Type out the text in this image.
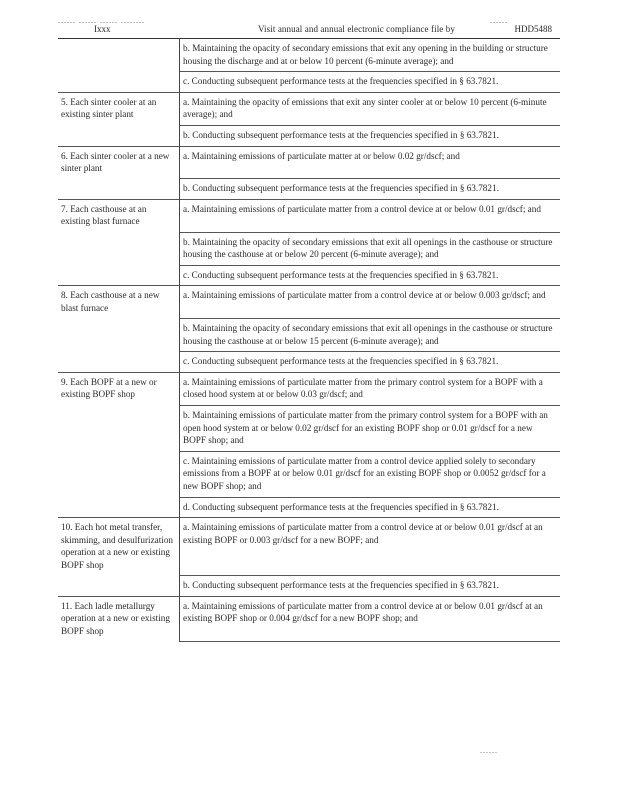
...... ...... ...... ........	......
Ixxx	Visit annual and annual electronic compliance file by	HDD5488
	b. Maintaining the opacity of secondary emissions that exit any opening in the building or structure housing the discharge and at or below 10 percent (6-minute average); and
	c. Conducting subsequent performance tests at the frequencies specified in § 63.7821.
5. Each sinter cooler at an existing sinter plant	a. Maintaining the opacity of emissions that exit any sinter cooler at or below 10 percent (6-minute average); and
	b. Conducting subsequent performance tests at the frequencies specified in § 63.7821.
6. Each sinter cooler at a new sinter plant	a. Maintaining emissions of particulate matter at or below 0.02 gr/dscf; and
	b. Conducting subsequent performance tests at the frequencies specified in § 63.7821.
7. Each casthouse at an existing blast furnace	a. Maintaining emissions of particulate matter from a control device at or below 0.01 gr/dscf; and
	b. Maintaining the opacity of secondary emissions that exit all openings in the casthouse or structure housing the casthouse at or below 20 percent (6-minute average); and
	c. Conducting subsequent performance tests at the frequencies specified in § 63.7821.
8. Each casthouse at a new blast furnace	a. Maintaining emissions of particulate matter from a control device at or below 0.003 gr/dscf; and
	b. Maintaining the opacity of secondary emissions that exit all openings in the casthouse or structure housing the casthouse at or below 15 percent (6-minute average); and
	c. Conducting subsequent performance tests at the frequencies specified in § 63.7821.
9. Each BOPF at a new or existing BOPF shop	a. Maintaining emissions of particulate matter from the primary control system for a BOPF with a closed hood system at or below 0.03 gr/dscf; and
	b. Maintaining emissions of particulate matter from the primary control system for a BOPF with an open hood system at or below 0.02 gr/dscf for an existing BOPF shop or 0.01 gr/dscf for a new BOPF shop; and
	c. Maintaining emissions of particulate matter from a control device applied solely to secondary emissions from a BOPF at or below 0.01 gr/dscf for an existing BOPF shop or 0.0052 gr/dscf for a new BOPF shop; and
	d. Conducting subsequent performance tests at the frequencies specified in § 63.7821.
10. Each hot metal transfer, skimming, and desulfurization operation at a new or existing BOPF shop	a. Maintaining emissions of particulate matter from a control device at or below 0.01 gr/dscf at an existing BOPF or 0.003 gr/dscf for a new BOPF; and
	b. Conducting subsequent performance tests at the frequencies specified in § 63.7821.
11. Each ladle metallurgy operation at a new or existing BOPF shop	a. Maintaining emissions of particulate matter from a control device at or below 0.01 gr/dscf at an existing BOPF shop or 0.004 gr/dscf for a new BOPF shop; and
......
